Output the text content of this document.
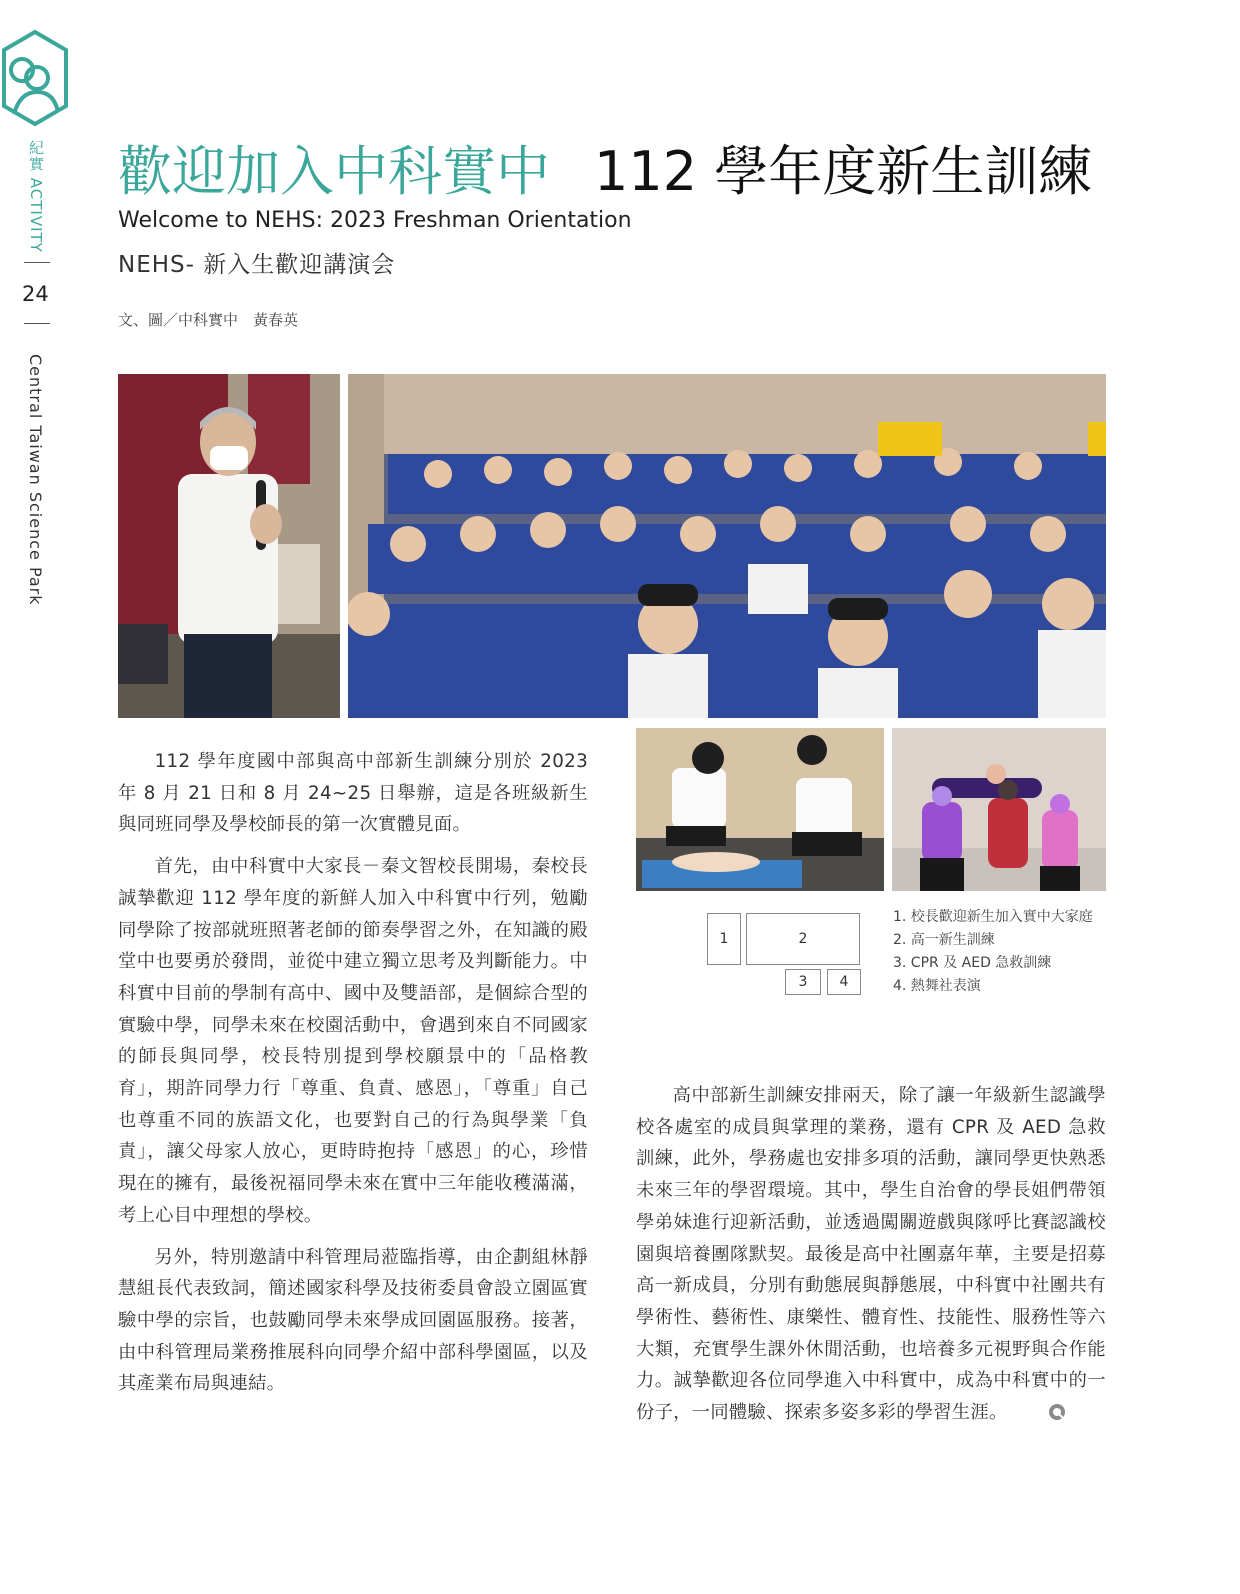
紀實 ACTIVITY
24
Central Taiwan Science Park
歡迎加入中科實中 112 學年度新生訓練
Welcome to NEHS: 2023 Freshman Orientation
NEHS- 新入生歡迎講演会
文、圖／中科實中　黃春英
1	2
3	4
1. 校長歡迎新生加入實中大家庭
2. 高一新生訓練
3. CPR 及 AED 急救訓練
4. 熱舞社表演

112 學年度國中部與高中部新生訓練分別於 2023 年 8 月 21 日和 8 月 24~25 日舉辦，這是各班級新生與同班同學及學校師長的第一次實體見面。

首先，由中科實中大家長－秦文智校長開場，秦校長誠摯歡迎 112 學年度的新鮮人加入中科實中行列，勉勵同學除了按部就班照著老師的節奏學習之外，在知識的殿堂中也要勇於發問，並從中建立獨立思考及判斷能力。中科實中目前的學制有高中、國中及雙語部，是個綜合型的實驗中學，同學未來在校園活動中，會遇到來自不同國家的師長與同學，校長特別提到學校願景中的「品格教育」，期許同學力行「尊重、負責、感恩」，「尊重」自己也尊重不同的族語文化，也要對自己的行為與學業「負責」，讓父母家人放心，更時時抱持「感恩」的心，珍惜現在的擁有，最後祝福同學未來在實中三年能收穫滿滿，考上心目中理想的學校。

另外，特別邀請中科管理局蒞臨指導，由企劃組林靜慧組長代表致詞，簡述國家科學及技術委員會設立園區實驗中學的宗旨，也鼓勵同學未來學成回園區服務。接著，由中科管理局業務推展科向同學介紹中部科學園區，以及其產業布局與連結。

高中部新生訓練安排兩天，除了讓一年級新生認識學校各處室的成員與掌理的業務，還有 CPR 及 AED 急救訓練，此外，學務處也安排多項的活動，讓同學更快熟悉未來三年的學習環境。其中，學生自治會的學長姐們帶領學弟妹進行迎新活動，並透過闖關遊戲與隊呼比賽認識校園與培養團隊默契。最後是高中社團嘉年華，主要是招募高一新成員，分別有動態展與靜態展，中科實中社團共有學術性、藝術性、康樂性、體育性、技能性、服務性等六大類，充實學生課外休閒活動，也培養多元視野與合作能力。誠摯歡迎各位同學進入中科實中，成為中科實中的一份子，一同體驗、探索多姿多彩的學習生涯。
